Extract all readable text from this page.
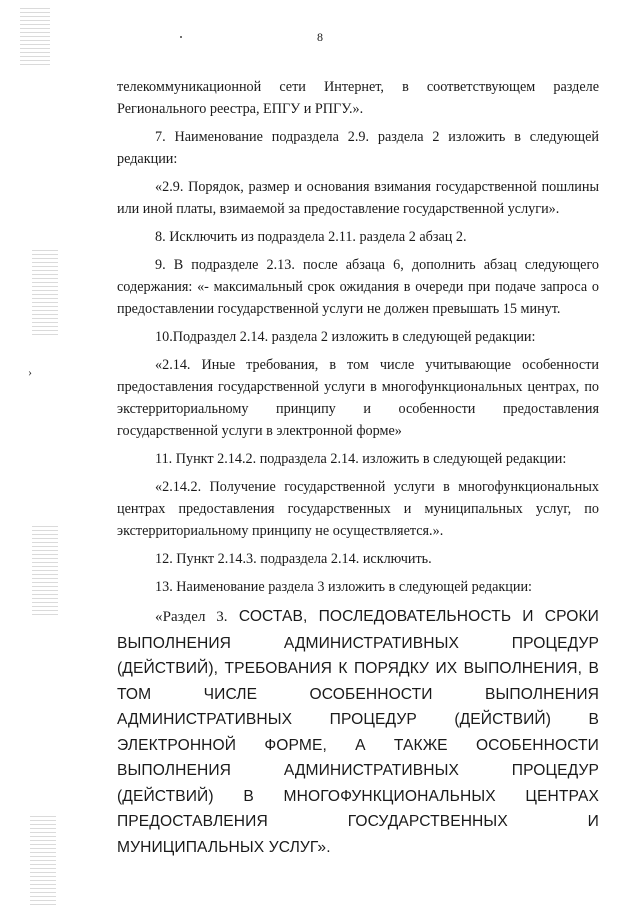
›
8

телекоммуникационной сети Интернет, в соответствующем разделе Регионального реестра, ЕПГУ и РПГУ.».

7. Наименование подраздела 2.9. раздела 2 изложить в следующей редакции:

«2.9. Порядок, размер и основания взимания государственной пошлины или иной платы, взимаемой за предоставление государственной услуги».

8. Исключить из подраздела 2.11. раздела 2 абзац 2.

9. В подразделе 2.13. после абзаца 6, дополнить абзац следующего содержания: «- максимальный срок ожидания в очереди при подаче запроса о предоставлении государственной услуги не должен превышать 15 минут.

10.Подраздел 2.14. раздела 2 изложить в следующей редакции:

«2.14. Иные требования, в том числе учитывающие особенности предоставления государственной услуги в многофункциональных центрах, по экстерриториальному принципу и особенности предоставления государственной услуги в электронной форме»

11. Пункт 2.14.2. подраздела 2.14. изложить в следующей редакции:

«2.14.2. Получение государственной услуги в многофункциональных центрах предоставления государственных и муниципальных услуг, по экстерриториальному принципу не осуществляется.».

12. Пункт 2.14.3. подраздела 2.14. исключить.

13. Наименование раздела 3 изложить в следующей редакции:

«Раздел 3. СОСТАВ, ПОСЛЕДОВАТЕЛЬНОСТЬ И СРОКИ ВЫПОЛНЕНИЯ АДМИНИСТРАТИВНЫХ ПРОЦЕДУР (ДЕЙСТВИЙ), ТРЕБОВАНИЯ К ПОРЯДКУ ИХ ВЫПОЛНЕНИЯ, В ТОМ ЧИСЛЕ ОСОБЕННОСТИ ВЫПОЛНЕНИЯ АДМИНИСТРАТИВНЫХ ПРОЦЕДУР (ДЕЙСТВИЙ) В ЭЛЕКТРОННОЙ ФОРМЕ, А ТАКЖЕ ОСОБЕННОСТИ ВЫПОЛНЕНИЯ АДМИНИСТРАТИВНЫХ ПРОЦЕДУР (ДЕЙСТВИЙ) В МНОГОФУНКЦИОНАЛЬНЫХ ЦЕНТРАХ ПРЕДОСТАВЛЕНИЯ ГОСУДАРСТВЕННЫХ И МУНИЦИПАЛЬНЫХ УСЛУГ».
